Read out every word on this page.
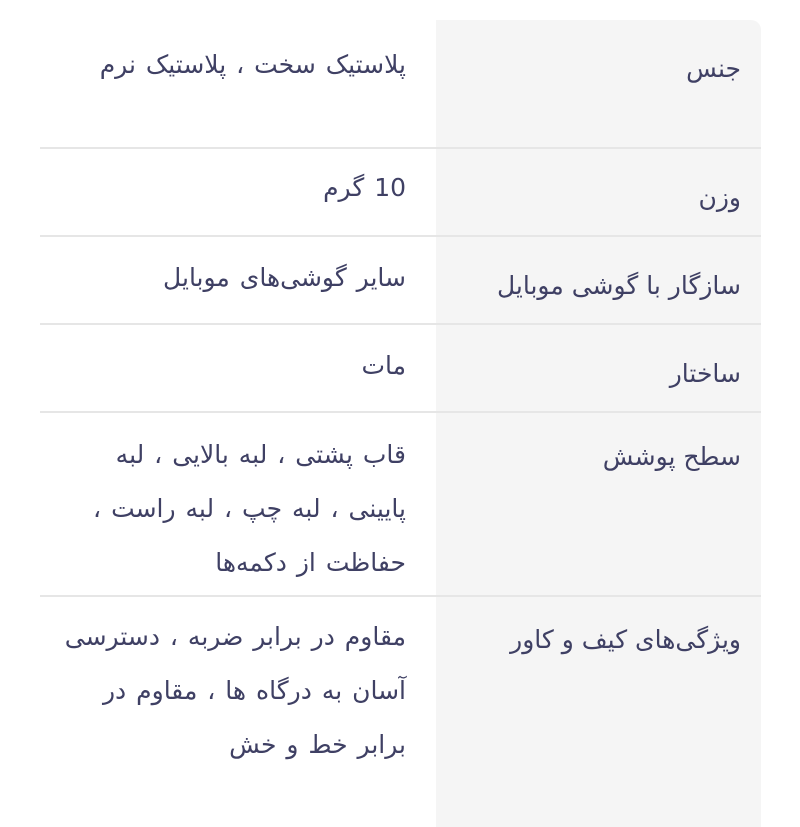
جنس
پلاستیک سخت ، پلاستیک نرم
وزن
10 گرم
سازگار با گوشی موبایل
سایر گوشی‌های موبایل
ساختار
مات
سطح پوشش
قاب پشتی ، لبه بالایی ، لبه پایینی ، لبه چپ ، لبه راست ، حفاظت از دکمه‌ها
ویژگی‌های کیف و کاور
مقاوم در برابر ضربه ، دسترسی آسان به درگاه ها ، مقاوم در برابر خط و خش
